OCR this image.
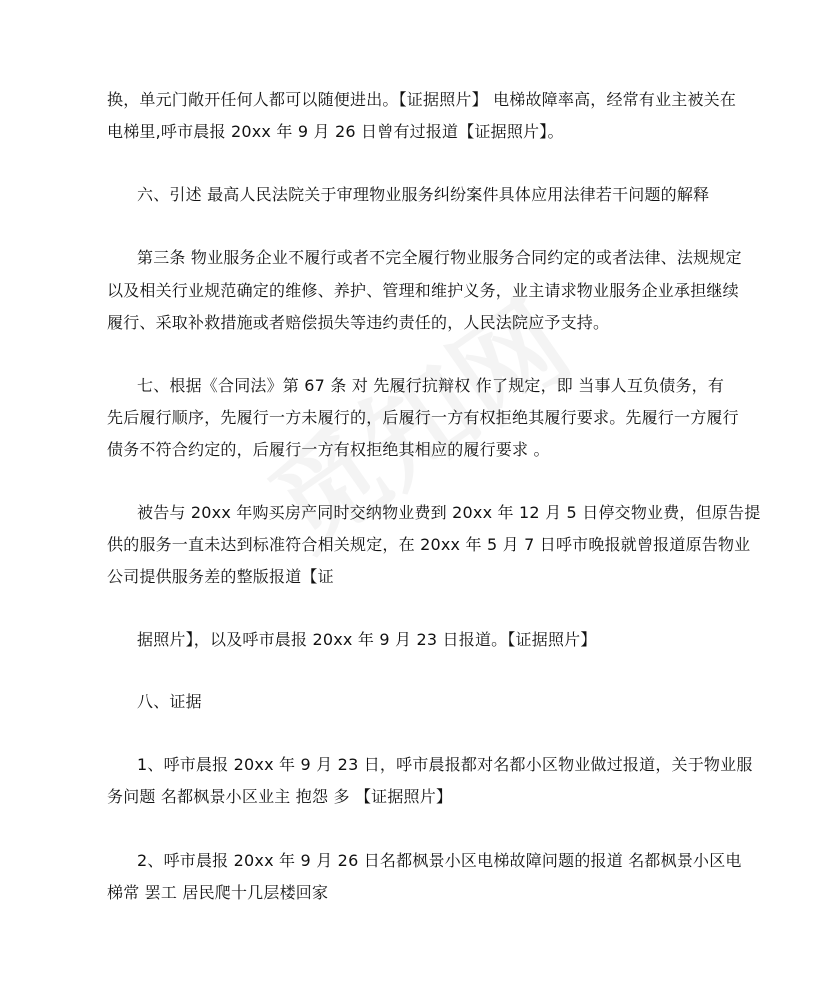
换，单元门敞开任何人都可以随便进出。【证据照片】 电梯故障率高，经常有业主被关在

电梯里,呼市晨报 20xx 年 9 月 26 日曾有过报道【证据照片】。

六、引述 最高人民法院关于审理物业服务纠纷案件具体应用法律若干问题的解释

第三条 物业服务企业不履行或者不完全履行物业服务合同约定的或者法律、法规规定

以及相关行业规范确定的维修、养护、管理和维护义务，业主请求物业服务企业承担继续

履行、采取补救措施或者赔偿损失等违约责任的，人民法院应予支持。

七、根据《合同法》第 67 条 对 先履行抗辩权 作了规定，即 当事人互负债务，有

先后履行顺序，先履行一方未履行的，后履行一方有权拒绝其履行要求。先履行一方履行

债务不符合约定的，后履行一方有权拒绝其相应的履行要求 。

被告与 20xx 年购买房产同时交纳物业费到 20xx 年 12 月 5 日停交物业费，但原告提

供的服务一直未达到标准符合相关规定，在 20xx 年 5 月 7 日呼市晚报就曾报道原告物业

公司提供服务差的整版报道【证

据照片】，以及呼市晨报 20xx 年 9 月 23 日报道。【证据照片】

八、证据

1、呼市晨报 20xx 年 9 月 23 日，呼市晨报都对名都小区物业做过报道，关于物业服

务问题 名都枫景小区业主 抱怨 多 【证据照片】

2、呼市晨报 20xx 年 9 月 26 日名都枫景小区电梯故障问题的报道 名都枫景小区电

梯常 罢工 居民爬十几层楼回家
